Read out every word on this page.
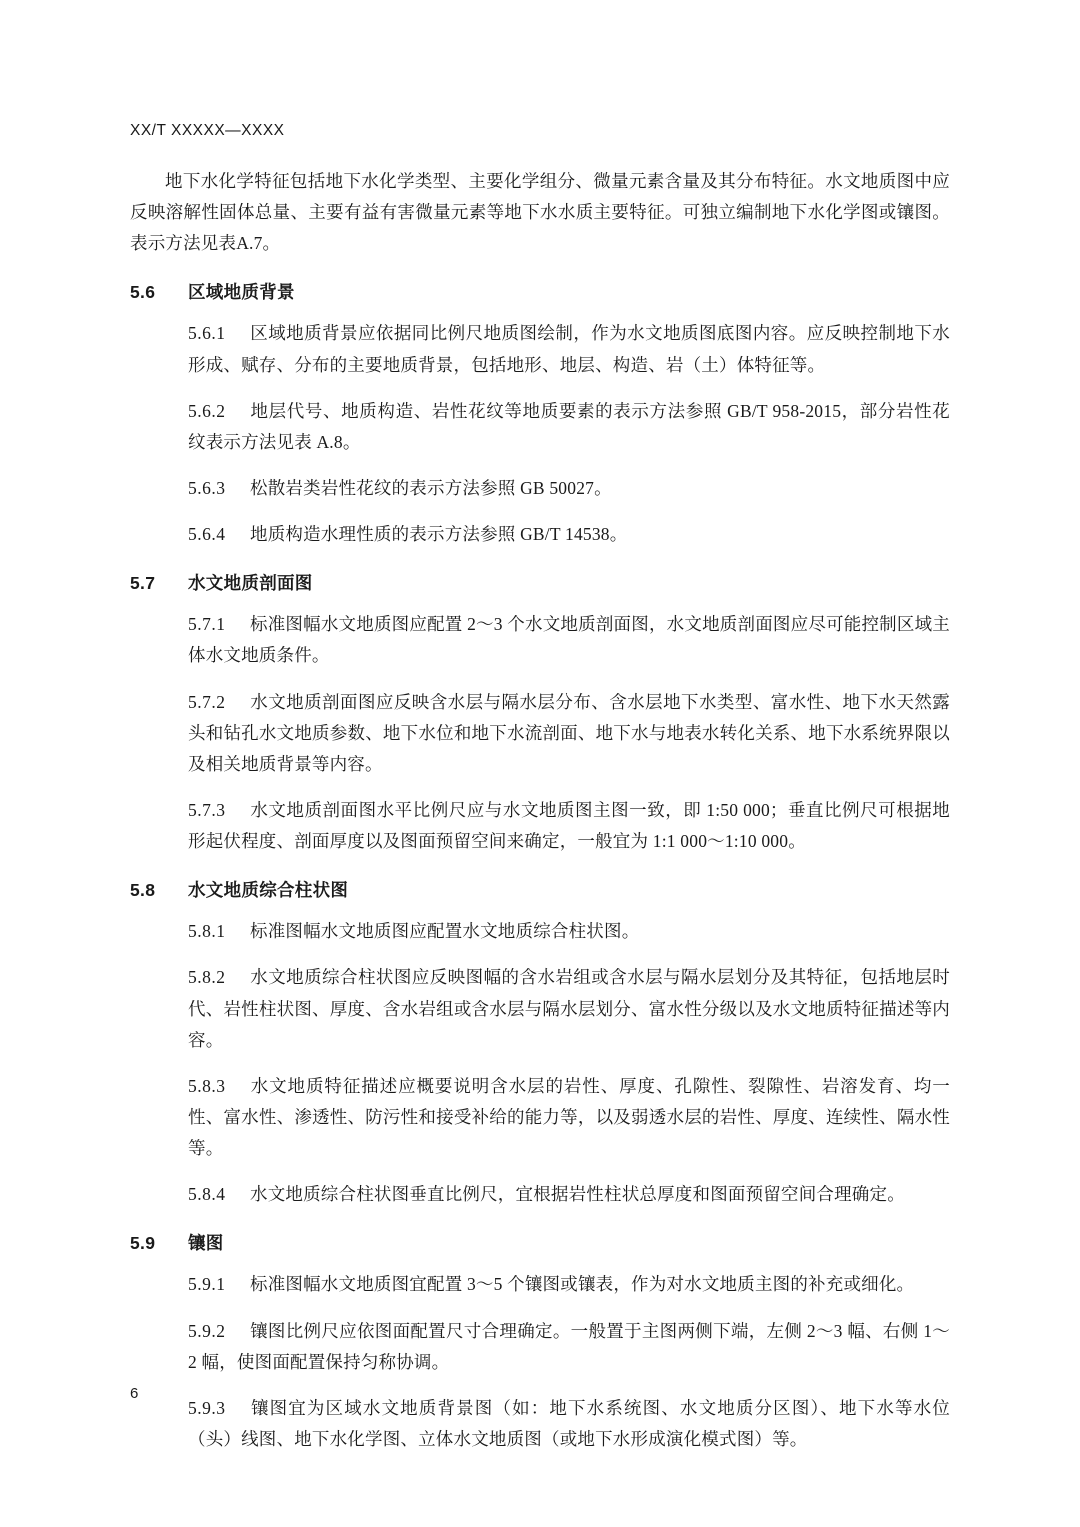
XX/T XXXXX—XXXX

地下水化学特征包括地下水化学类型、主要化学组分、微量元素含量及其分布特征。水文地质图中应反映溶解性固体总量、主要有益有害微量元素等地下水水质主要特征。可独立编制地下水化学图或镶图。表示方法见表A.7。

5.6 区域地质背景

5.6.1 区域地质背景应依据同比例尺地质图绘制，作为水文地质图底图内容。应反映控制地下水形成、赋存、分布的主要地质背景，包括地形、地层、构造、岩（土）体特征等。

5.6.2 地层代号、地质构造、岩性花纹等地质要素的表示方法参照 GB/T 958-2015，部分岩性花纹表示方法见表 A.8。

5.6.3 松散岩类岩性花纹的表示方法参照 GB 50027。

5.6.4 地质构造水理性质的表示方法参照 GB/T 14538。

5.7 水文地质剖面图

5.7.1 标准图幅水文地质图应配置 2～3 个水文地质剖面图，水文地质剖面图应尽可能控制区域主体水文地质条件。

5.7.2 水文地质剖面图应反映含水层与隔水层分布、含水层地下水类型、富水性、地下水天然露头和钻孔水文地质参数、地下水位和地下水流剖面、地下水与地表水转化关系、地下水系统界限以及相关地质背景等内容。

5.7.3 水文地质剖面图水平比例尺应与水文地质图主图一致，即 1:50 000；垂直比例尺可根据地形起伏程度、剖面厚度以及图面预留空间来确定，一般宜为 1:1 000～1:10 000。

5.8 水文地质综合柱状图

5.8.1 标准图幅水文地质图应配置水文地质综合柱状图。

5.8.2 水文地质综合柱状图应反映图幅的含水岩组或含水层与隔水层划分及其特征，包括地层时代、岩性柱状图、厚度、含水岩组或含水层与隔水层划分、富水性分级以及水文地质特征描述等内容。

5.8.3 水文地质特征描述应概要说明含水层的岩性、厚度、孔隙性、裂隙性、岩溶发育、均一性、富水性、渗透性、防污性和接受补给的能力等，以及弱透水层的岩性、厚度、连续性、隔水性等。

5.8.4 水文地质综合柱状图垂直比例尺，宜根据岩性柱状总厚度和图面预留空间合理确定。

5.9 镶图

5.9.1 标准图幅水文地质图宜配置 3～5 个镶图或镶表，作为对水文地质主图的补充或细化。

5.9.2 镶图比例尺应依图面配置尺寸合理确定。一般置于主图两侧下端，左侧 2～3 幅、右侧 1～2 幅，使图面配置保持匀称协调。

5.9.3 镶图宜为区域水文地质背景图（如：地下水系统图、水文地质分区图）、地下水等水位（头）线图、地下水化学图、立体水文地质图（或地下水形成演化模式图）等。

6
